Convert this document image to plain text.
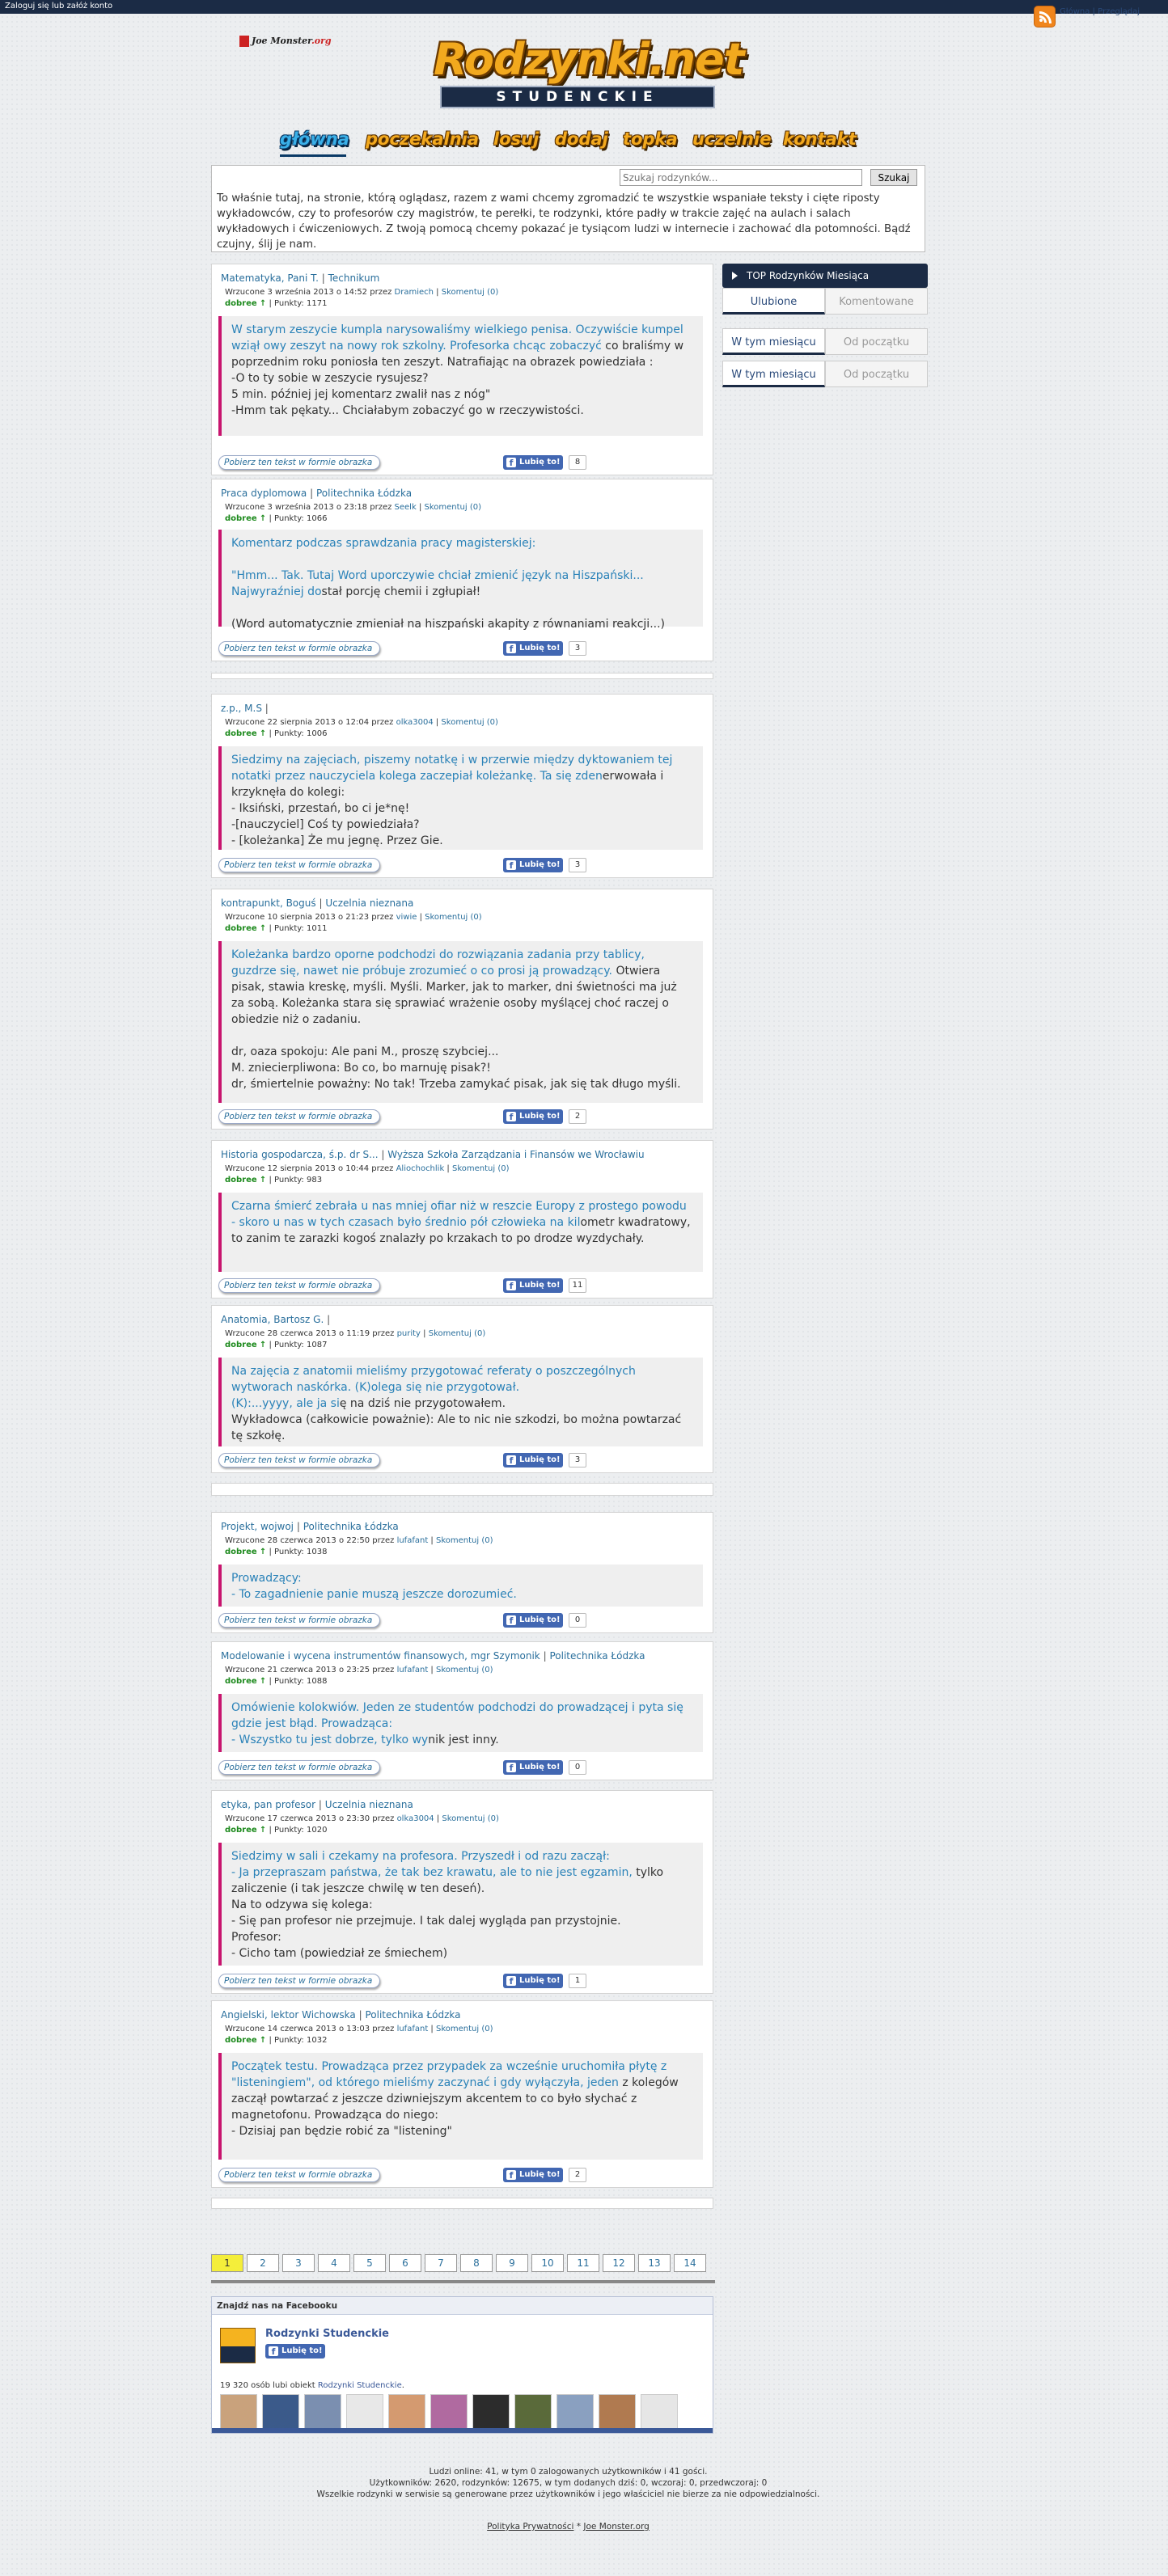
Zaloguj się lub załóż konto
Główna | Przeglądaj
Joe Monster.org Rodzynki.net
STUDENCKIE
główna poczekalnia losuj dodaj topka uczelnie kontakt
To właśnie tutaj, na stronie, którą oglądasz, razem z wami chcemy zgromadzić te wszystkie wspaniałe teksty i cięte riposty wykładowców, czy to profesorów czy magistrów, te perełki, te rodzynki, które padły w trakcie zajęć na aulach i salach wykładowych i ćwiczeniowych. Z twoją pomocą chcemy pokazać je tysiącom ludzi w internecie i zachować dla potomności. Bądź czujny, ślij je nam.
Szukaj rodzynków...
Szukaj
Matematyka, Pani T. | Technikum
Wrzucone 3 września 2013 o 14:52 przez Dramiech | Skomentuj (0)
dobree ↑ | Punkty: 1171
W starym zeszycie kumpla narysowaliśmy wielkiego penisa. Oczywiście kumpel wziął owy zeszyt na nowy rok szkolny. Profesorka chcąc zobaczyć co braliśmy w poprzednim roku poniosła ten zeszyt. Natrafiając na obrazek powiedziała :
-O to ty sobie w zeszycie rysujesz?
5 min. później jej komentarz zwalił nas z nóg"
-Hmm tak pękaty... Chciałabym zobaczyć go w rzeczywistości.
Pobierz ten tekst w formie obrazka	f Lubię to!	8
Praca dyplomowa | Politechnika Łódzka
Wrzucone 3 września 2013 o 23:18 przez Seelk | Skomentuj (0)
dobree ↑ | Punkty: 1066
Komentarz podczas sprawdzania pracy magisterskiej:

"Hmm... Tak. Tutaj Word uporczywie chciał zmienić język na Hiszpański... Najwyraźniej dostał porcję chemii i zgłupiał!

(Word automatycznie zmieniał na hiszpański akapity z równaniami reakcji...)
Pobierz ten tekst w formie obrazka	f Lubię to!	3
z.p., M.S |
Wrzucone 22 sierpnia 2013 o 12:04 przez olka3004 | Skomentuj (0)
dobree ↑ | Punkty: 1006
Siedzimy na zajęciach, piszemy notatkę i w przerwie między dyktowaniem tej notatki przez nauczyciela kolega zaczepiał koleżankę. Ta się zdenerwowała i krzyknęła do kolegi:
- Iksiński, przestań, bo ci je*nę!
-[nauczyciel] Coś ty powiedziała?
- [koleżanka] Że mu jegnę. Przez Gie.
Pobierz ten tekst w formie obrazka	f Lubię to!	3
kontrapunkt, Boguś | Uczelnia nieznana
Wrzucone 10 sierpnia 2013 o 21:23 przez viwie | Skomentuj (0)
dobree ↑ | Punkty: 1011
Koleżanka bardzo oporne podchodzi do rozwiązania zadania przy tablicy, guzdrze się, nawet nie próbuje zrozumieć o co prosi ją prowadzący. Otwiera pisak, stawia kreskę, myśli. Myśli. Marker, jak to marker, dni świetności ma już za sobą. Koleżanka stara się sprawiać wrażenie osoby myślącej choć raczej o obiedzie niż o zadaniu.

dr, oaza spokoju: Ale pani M., proszę szybciej...
M. zniecierpliwona: Bo co, bo marnuję pisak?!
dr, śmiertelnie poważny: No tak! Trzeba zamykać pisak, jak się tak długo myśli.
Pobierz ten tekst w formie obrazka	f Lubię to!	2
Historia gospodarcza, ś.p. dr S... | Wyższa Szkoła Zarządzania i Finansów we Wrocławiu
Wrzucone 12 sierpnia 2013 o 10:44 przez Aliochochlik | Skomentuj (0)
dobree ↑ | Punkty: 983
Czarna śmierć zebrała u nas mniej ofiar niż w reszcie Europy z prostego powodu - skoro u nas w tych czasach było średnio pół człowieka na kilometr kwadratowy, to zanim te zarazki kogoś znalazły po krzakach to po drodze wyzdychały.
Pobierz ten tekst w formie obrazka	f Lubię to!	11
Anatomia, Bartosz G. |
Wrzucone 28 czerwca 2013 o 11:19 przez purity | Skomentuj (0)
dobree ↑ | Punkty: 1087
Na zajęcia z anatomii mieliśmy przygotować referaty o poszczególnych wytworach naskórka. (K)olega się nie przygotował.
(K):...yyyy, ale ja się na dziś nie przygotowałem.
Wykładowca (całkowicie poważnie): Ale to nic nie szkodzi, bo można powtarzać tę szkołę.
Pobierz ten tekst w formie obrazka	f Lubię to!	3
Projekt, wojwoj | Politechnika Łódzka
Wrzucone 28 czerwca 2013 o 22:50 przez lufafant | Skomentuj (0)
dobree ↑ | Punkty: 1038
Prowadzący:
- To zagadnienie panie muszą jeszcze dorozumieć.
Pobierz ten tekst w formie obrazka	f Lubię to!	0
Modelowanie i wycena instrumentów finansowych, mgr Szymonik | Politechnika Łódzka
Wrzucone 21 czerwca 2013 o 23:25 przez lufafant | Skomentuj (0)
dobree ↑ | Punkty: 1088
Omówienie kolokwiów. Jeden ze studentów podchodzi do prowadzącej i pyta się gdzie jest błąd. Prowadząca:
- Wszystko tu jest dobrze, tylko wynik jest inny.
Pobierz ten tekst w formie obrazka	f Lubię to!	0
etyka, pan profesor | Uczelnia nieznana
Wrzucone 17 czerwca 2013 o 23:30 przez olka3004 | Skomentuj (0)
dobree ↑ | Punkty: 1020
Siedzimy w sali i czekamy na profesora. Przyszedł i od razu zaczął:
- Ja przepraszam państwa, że tak bez krawatu, ale to nie jest egzamin, tylko zaliczenie (i tak jeszcze chwilę w ten deseń).
Na to odzywa się kolega:
- Się pan profesor nie przejmuje. I tak dalej wygląda pan przystojnie.
Profesor:
- Cicho tam (powiedział ze śmiechem)
Pobierz ten tekst w formie obrazka	f Lubię to!	1
Angielski, lektor Wichowska | Politechnika Łódzka
Wrzucone 14 czerwca 2013 o 13:03 przez lufafant | Skomentuj (0)
dobree ↑ | Punkty: 1032
Początek testu. Prowadząca przez przypadek za wcześnie uruchomiła płytę z "listeningiem", od którego mieliśmy zaczynać i gdy wyłączyła, jeden z kolegów zaczął powtarzać z jeszcze dziwniejszym akcentem to co było słychać z magnetofonu. Prowadząca do niego:
- Dzisiaj pan będzie robić za "listening"
Pobierz ten tekst w formie obrazka	f Lubię to!	2
TOP Rodzynków Miesiąca
Ulubione	Komentowane
W tym miesiącu	Od początku
W tym miesiącu	Od początku
1	2	3	4	5	6	7	8	9	10	11	12	13	14
Znajdź nas na Facebooku
Rodzynki Studenckie
f Lubię to!
19 320 osób lubi obiekt Rodzynki Studenckie.
Ludzi online: 41, w tym 0 zalogowanych użytkowników i 41 gości.
Użytkowników: 2620, rodzynków: 12675, w tym dodanych dziś: 0, wczoraj: 0, przedwczoraj: 0
Wszelkie rodzynki w serwisie są generowane przez użytkowników i jego właściciel nie bierze za nie odpowiedzialności.
Polityka Prywatności * Joe Monster.org
